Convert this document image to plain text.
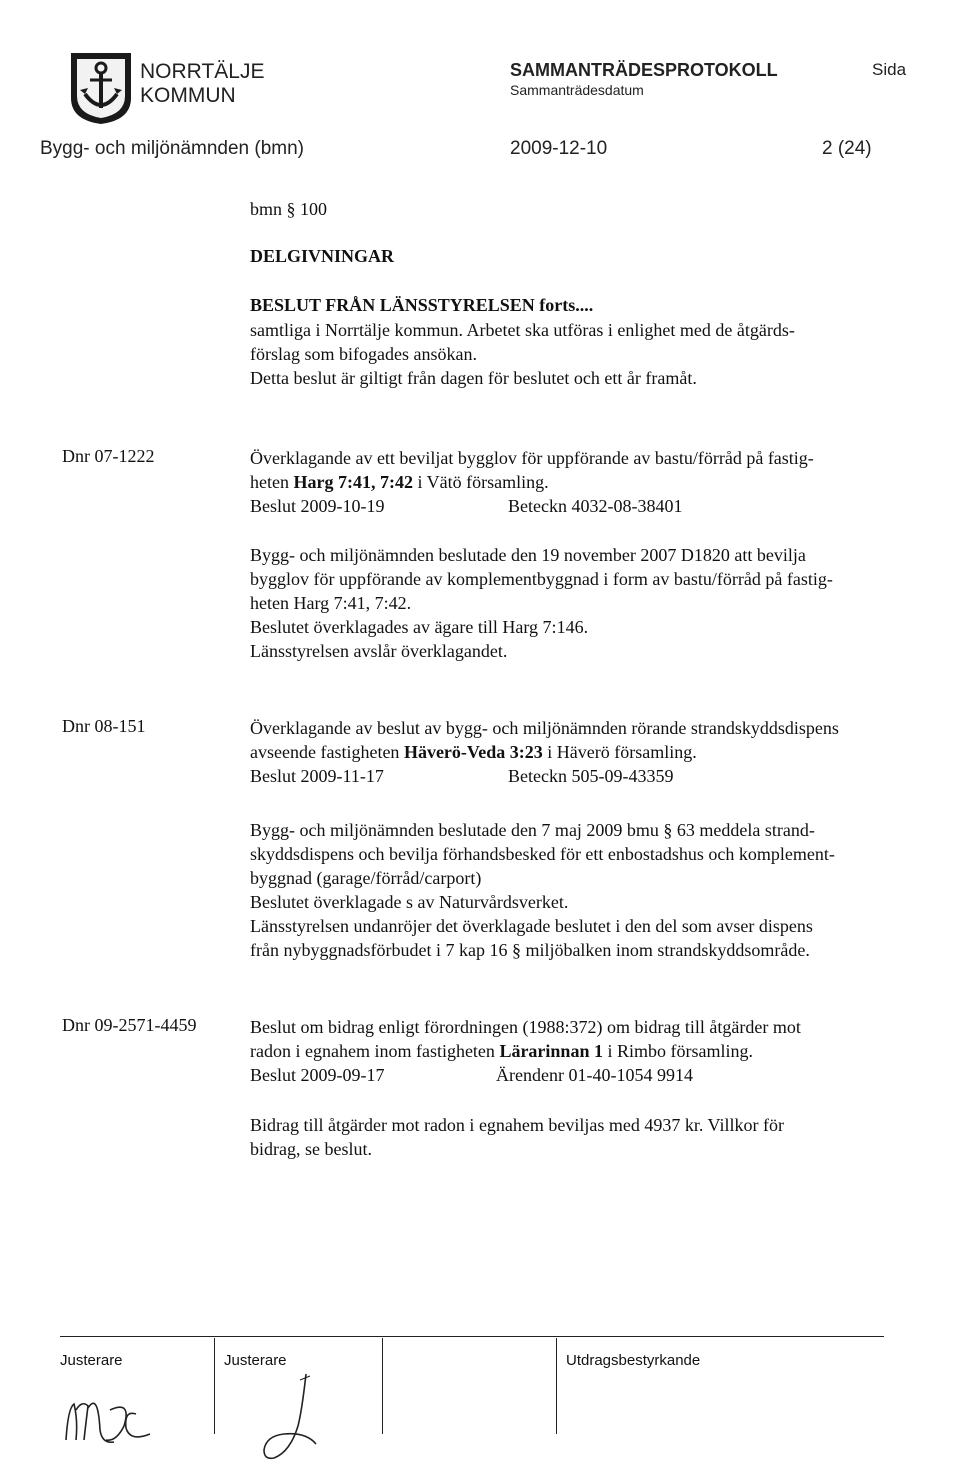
NORRTÄLJE
KOMMUN
SAMMANTRÄDESPROTOKOLL
Sammanträdesdatum
Sida
Bygg- och miljönämnden (bmn)	2009-12-10	2 (24)
bmn § 100
DELGIVNINGAR
BESLUT FRÅN LÄNSSTYRELSEN forts....

samtliga i Norrtälje kommun. Arbetet ska utföras i enlighet med de åtgärds-

förslag som bifogades ansökan.

Detta beslut är giltigt från dagen för beslutet och ett år framåt.

Dnr 07-1222	Överklagande av ett beviljat bygglov för uppförande av bastu/förråd på fastig-

heten Harg 7:41, 7:42 i Vätö församling.

Beslut 2009-10-19	Beteckn 4032-08-38401

Bygg- och miljönämnden beslutade den 19 november 2007 D1820 att bevilja

bygglov för uppförande av komplementbyggnad i form av bastu/förråd på fastig-

heten Harg 7:41, 7:42.

Beslutet överklagades av ägare till Harg 7:146.

Länsstyrelsen avslår överklagandet.

Dnr 08-151	Överklagande av beslut av bygg- och miljönämnden rörande strandskyddsdispens

avseende fastigheten Häverö-Veda 3:23 i Häverö församling.

Beslut 2009-11-17	Beteckn 505-09-43359

Bygg- och miljönämnden beslutade den 7 maj 2009 bmu § 63 meddela strand-

skyddsdispens och bevilja förhandsbesked för ett enbostadshus och komplement-

byggnad (garage/förråd/carport)

Beslutet överklagade s av Naturvårdsverket.

Länsstyrelsen undanröjer det överklagade beslutet i den del som avser dispens

från nybyggnadsförbudet i 7 kap 16 § miljöbalken inom strandskyddsområde.

Dnr 09-2571-4459	Beslut om bidrag enligt förordningen (1988:372) om bidrag till åtgärder mot

radon i egnahem inom fastigheten Lärarinnan 1 i Rimbo församling.

Beslut 2009-09-17	Ärendenr 01-40-1054 9914

Bidrag till åtgärder mot radon i egnahem beviljas med 4937 kr. Villkor för

bidrag, se beslut.

Justerare	Justerare	Utdragsbestyrkande
